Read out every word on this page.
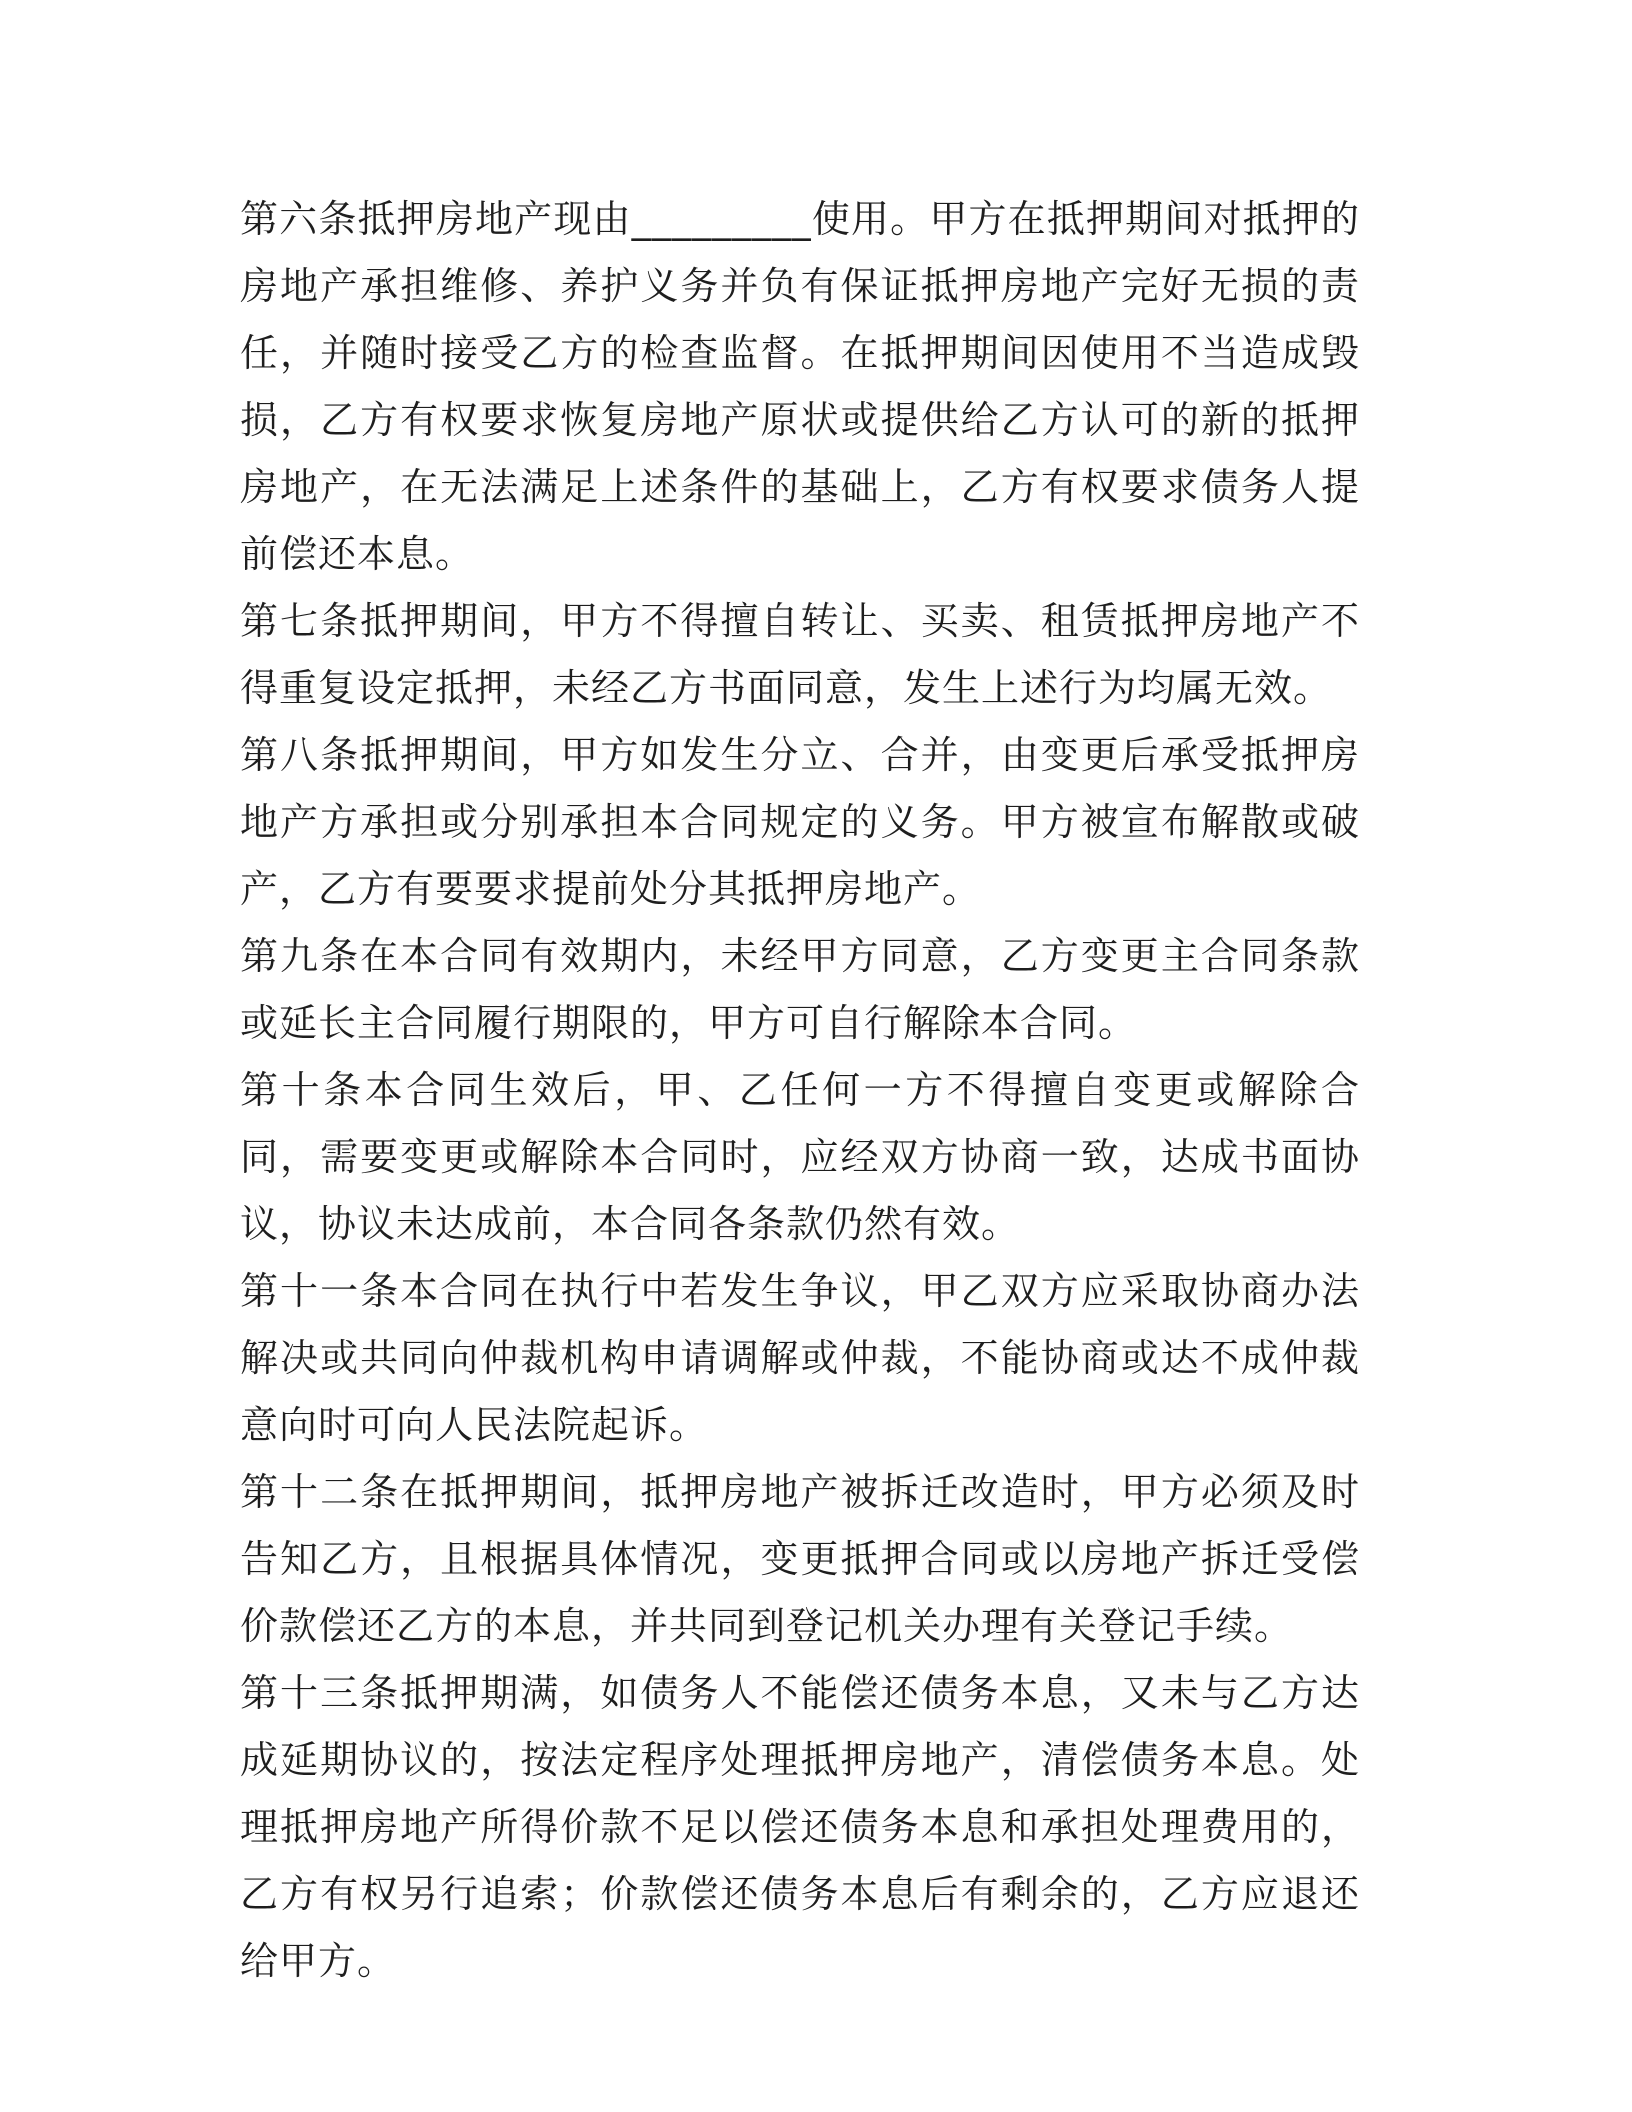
第六条抵押房地产现由_________使用。甲方在抵押期间对抵押的房地产承担维修、养护义务并负有保证抵押房地产完好无损的责任，并随时接受乙方的检查监督。在抵押期间因使用不当造成毁损，乙方有权要求恢复房地产原状或提供给乙方认可的新的抵押房地产，在无法满足上述条件的基础上，乙方有权要求债务人提前偿还本息。

第七条抵押期间，甲方不得擅自转让、买卖、租赁抵押房地产不得重复设定抵押，未经乙方书面同意，发生上述行为均属无效。

第八条抵押期间，甲方如发生分立、合并，由变更后承受抵押房地产方承担或分别承担本合同规定的义务。甲方被宣布解散或破产，乙方有要要求提前处分其抵押房地产。

第九条在本合同有效期内，未经甲方同意，乙方变更主合同条款或延长主合同履行期限的，甲方可自行解除本合同。

第十条本合同生效后，甲、乙任何一方不得擅自变更或解除合同，需要变更或解除本合同时，应经双方协商一致，达成书面协议，协议未达成前，本合同各条款仍然有效。

第十一条本合同在执行中若发生争议，甲乙双方应采取协商办法解决或共同向仲裁机构申请调解或仲裁，不能协商或达不成仲裁意向时可向人民法院起诉。

第十二条在抵押期间，抵押房地产被拆迁改造时，甲方必须及时告知乙方，且根据具体情况，变更抵押合同或以房地产拆迁受偿价款偿还乙方的本息，并共同到登记机关办理有关登记手续。

第十三条抵押期满，如债务人不能偿还债务本息，又未与乙方达成延期协议的，按法定程序处理抵押房地产，清偿债务本息。处理抵押房地产所得价款不足以偿还债务本息和承担处理费用的，乙方有权另行追索；价款偿还债务本息后有剩余的，乙方应退还给甲方。
